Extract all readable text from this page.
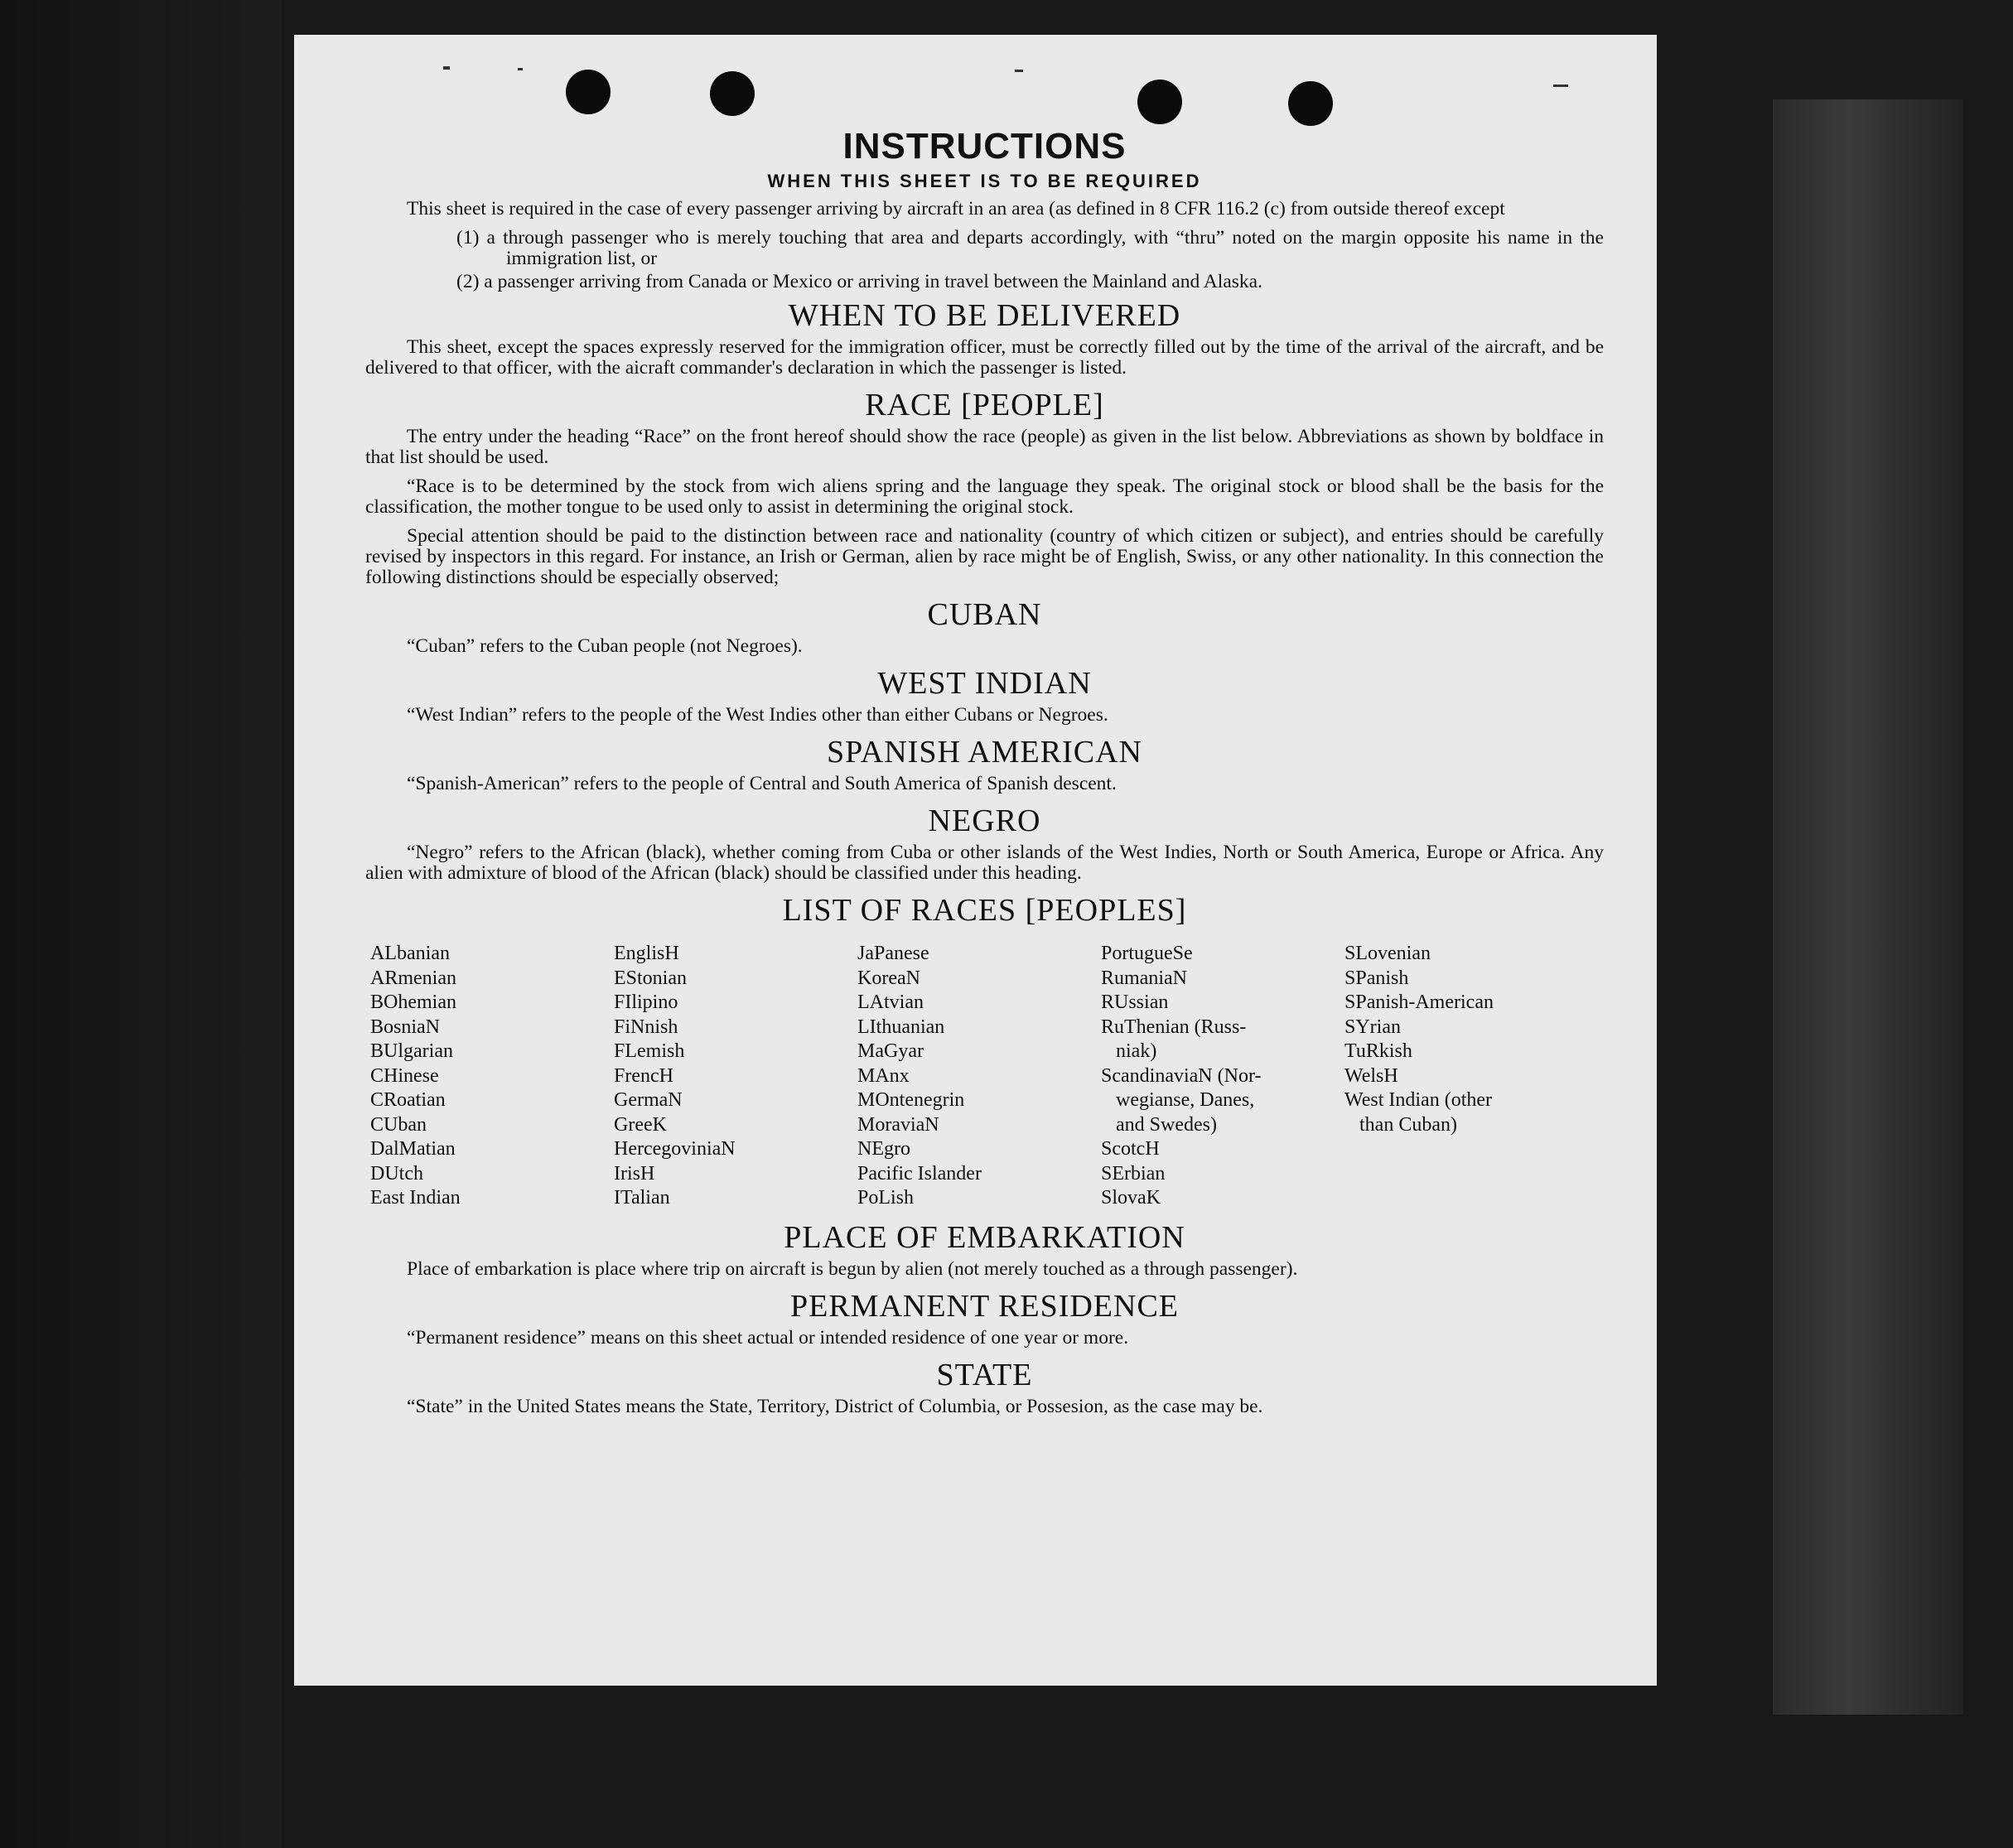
INSTRUCTIONS
WHEN THIS SHEET IS TO BE REQUIRED

This sheet is required in the case of every passenger arriving by aircraft in an area (as defined in 8 CFR 116.2 (c) from outside thereof except

(1) a through passenger who is merely touching that area and departs accordingly, with “thru” noted on the margin opposite his name in the immigration list, or
(2) a passenger arriving from Canada or Mexico or arriving in travel between the Mainland and Alaska.
WHEN TO BE DELIVERED

This sheet, except the spaces expressly reserved for the immigration officer, must be correctly filled out by the time of the arrival of the aircraft, and be delivered to that officer, with the aicraft commander's declaration in which the passenger is listed.

RACE [PEOPLE]

The entry under the heading “Race” on the front hereof should show the race (people) as given in the list below. Abbreviations as shown by boldface in that list should be used.

“Race is to be determined by the stock from wich aliens spring and the language they speak. The original stock or blood shall be the basis for the classification, the mother tongue to be used only to assist in determining the original stock.

Special attention should be paid to the distinction between race and nationality (country of which citizen or subject), and entries should be carefully revised by inspectors in this regard. For instance, an Irish or German, alien by race might be of English, Swiss, or any other nationality. In this connection the following distinctions should be especially observed;

CUBAN

“Cuban” refers to the Cuban people (not Negroes).

WEST INDIAN

“West Indian” refers to the people of the West Indies other than either Cubans or Negroes.

SPANISH AMERICAN

“Spanish-American” refers to the people of Central and South America of Spanish descent.

NEGRO

“Negro” refers to the African (black), whether coming from Cuba or other islands of the West Indies, North or South America, Europe or Africa. Any alien with admixture of blood of the African (black) should be classified under this heading.

LIST OF RACES [PEOPLES]
ALbanian
ARmenian
BOhemian
BosniaN
BUlgarian
CHinese
CRoatian
CUban
DalMatian
DUtch
East Indian
EnglisH
EStonian
FIlipino
FiNnish
FLemish
FrencH
GermaN
GreeK
HercegoviniaN
IrisH
ITalian
JaPanese
KoreaN
LAtvian
LIthuanian
MaGyar
MAnx
MOntenegrin
MoraviaN
NEgro
Pacific Islander
PoLish
PortugueSe
RumaniaN
RUssian
RuThenian (Russ-
niak)
ScandinaviaN (Nor-
wegianse, Danes,
and Swedes)
ScotcH
SErbian
SlovaK
SLovenian
SPanish
SPanish-American
SYrian
TuRkish
WelsH
West Indian (other
than Cuban)
PLACE OF EMBARKATION

Place of embarkation is place where trip on aircraft is begun by alien (not merely touched as a through passenger).

PERMANENT RESIDENCE

“Permanent residence” means on this sheet actual or intended residence of one year or more.

STATE

“State” in the United States means the State, Territory, District of Columbia, or Possesion, as the case may be.
